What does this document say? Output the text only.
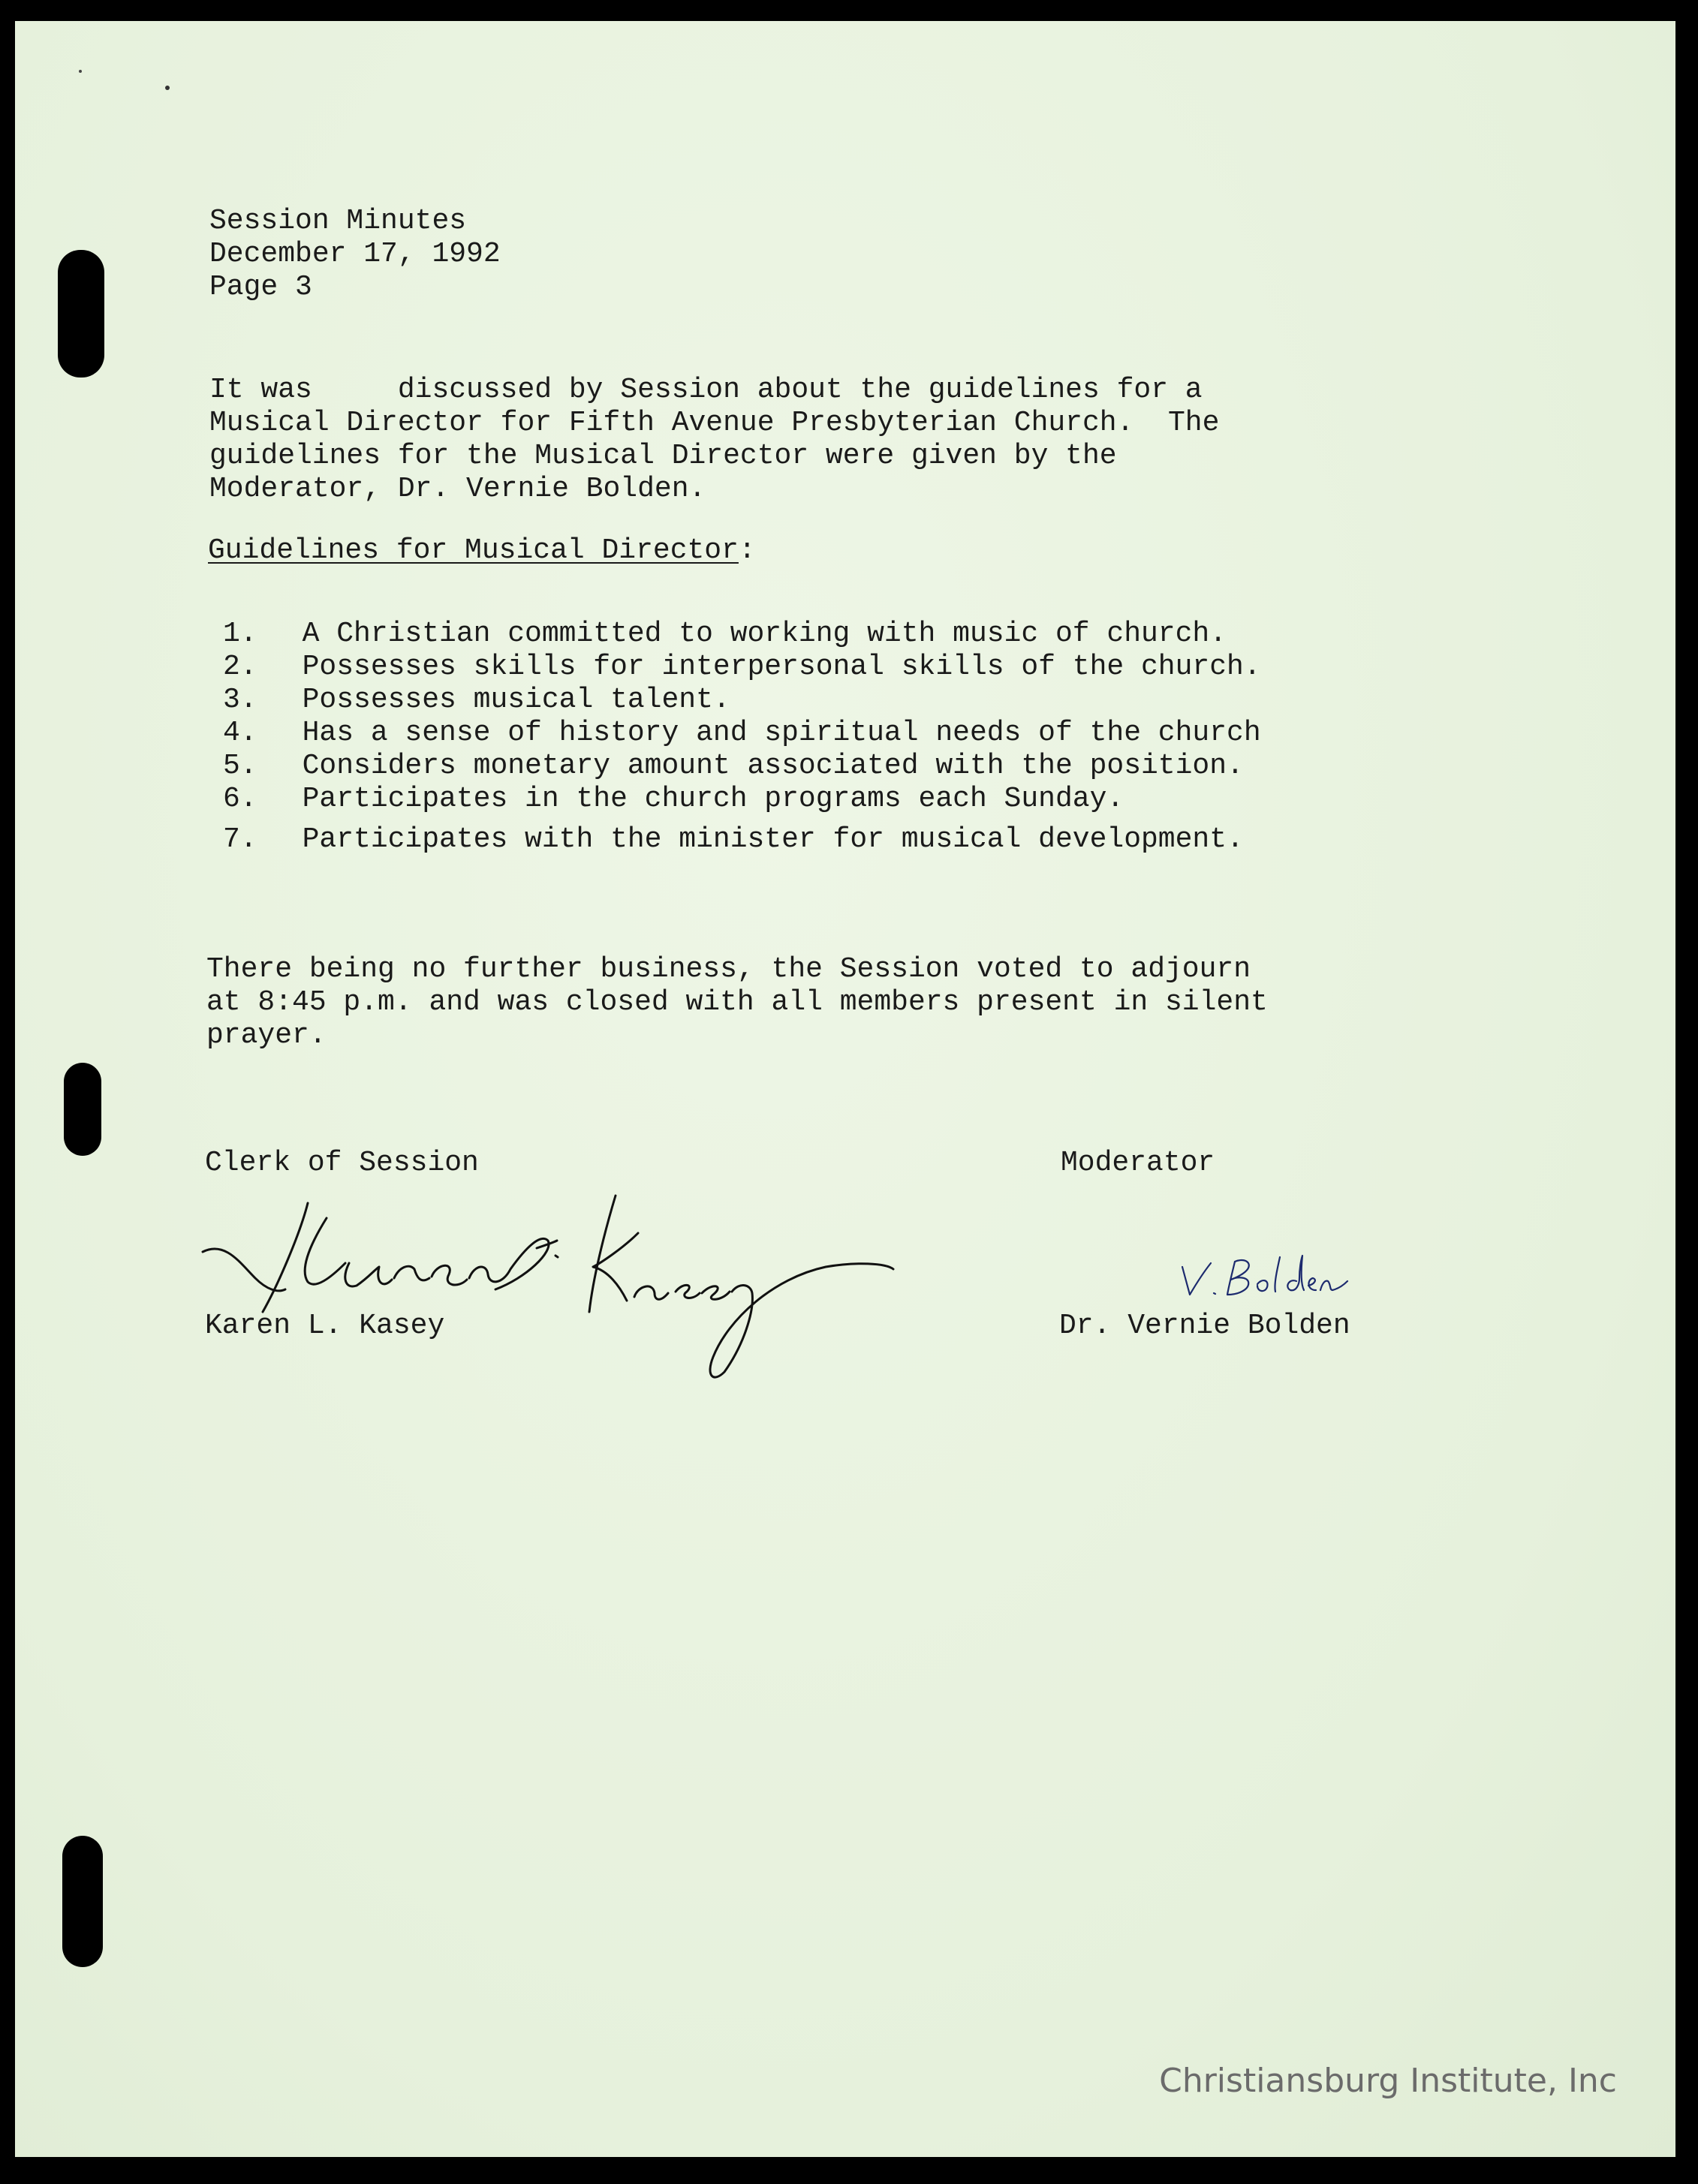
Session Minutes
December 17, 1992
Page 3
It was     discussed by Session about the guidelines for a
Musical Director for Fifth Avenue Presbyterian Church.  The
guidelines for the Musical Director were given by the
Moderator, Dr. Vernie Bolden.
Guidelines for Musical Director:
1. A Christian committed to working with music of church.
2. Possesses skills for interpersonal skills of the church.
3. Possesses musical talent.
4. Has a sense of history and spiritual needs of the church
5. Considers monetary amount associated with the position.
6. Participates in the church programs each Sunday.
7. Participates with the minister for musical development.
There being no further business, the Session voted to adjourn
at 8:45 p.m. and was closed with all members present in silent
prayer.
Clerk of Session	Moderator
Karen L. Kasey	Dr. Vernie Bolden
Christiansburg Institute, Inc
